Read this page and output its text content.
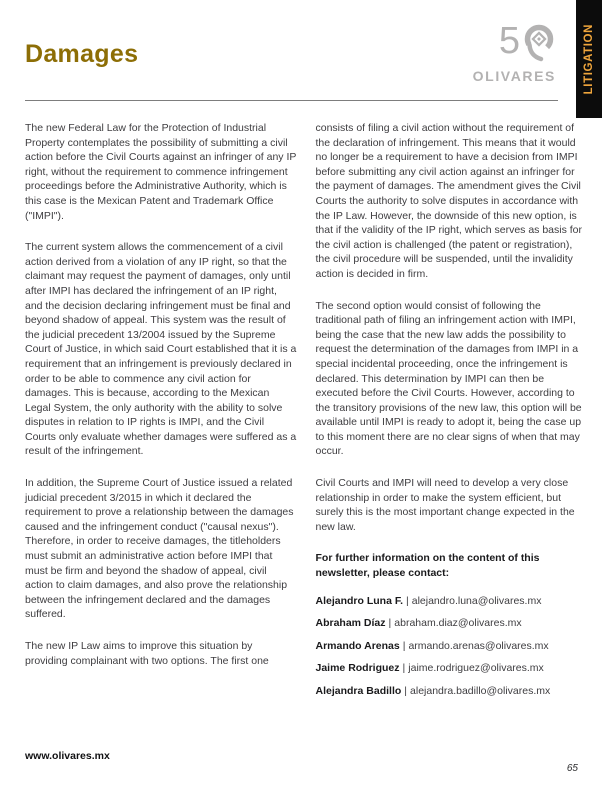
LITIGATION
Damages	5
OLIVARES

The new Federal Law for the Protection of Industrial Property contemplates the possibility of submitting a civil action before the Civil Courts against an infringer of any IP right, without the requirement to commence infringement proceedings before the Administrative Authority, which is this case is the Mexican Patent and Trademark Office ("IMPI").

The current system allows the commencement of a civil action derived from a violation of any IP right, so that the claimant may request the payment of damages, only until after IMPI has declared the infringement of an IP right, and the decision declaring infringement must be final and beyond shadow of appeal. This system was the result of the judicial precedent 13/2004 issued by the Supreme Court of Justice, in which said Court established that it is a requirement that an infringement is previously declared in order to be able to commence any civil action for damages. This is because, according to the Mexican Legal System, the only authority with the ability to solve disputes in relation to IP rights is IMPI, and the Civil Courts only evaluate whether damages were suffered as a result of the infringement.

In addition, the Supreme Court of Justice issued a related judicial precedent 3/2015 in which it declared the requirement to prove a relationship between the damages caused and the infringement conduct ("causal nexus"). Therefore, in order to receive damages, the titleholders must submit an administrative action before IMPI that must be firm and beyond the shadow of appeal, civil action to claim damages, and also prove the relationship between the infringement declared and the damages suffered.

The new IP Law aims to improve this situation by providing complainant with two options. The first one

consists of filing a civil action without the requirement of the declaration of infringement. This means that it would no longer be a requirement to have a decision from IMPI before submitting any civil action against an infringer for the payment of damages. The amendment gives the Civil Courts the authority to solve disputes in accordance with the IP Law. However, the downside of this new option, is that if the validity of the IP right, which serves as basis for the civil action is challenged (the patent or registration), the civil procedure will be suspended, until the invalidity action is decided in firm.

The second option would consist of following the traditional path of filing an infringement action with IMPI, being the case that the new law adds the possibility to request the determination of the damages from IMPI in a special incidental proceeding, once the infringement is declared. This determination by IMPI can then be executed before the Civil Courts. However, according to the transitory provisions of the new law, this option will be available until IMPI is ready to adopt it, being the case up to this moment there are no clear signs of when that may occur.

Civil Courts and IMPI will need to develop a very close relationship in order to make the system efficient, but surely this is the most important change expected in the new law.

For further information on the content of this newsletter, please contact:

Alejandro Luna F. | alejandro.luna@olivares.mx
Abraham Díaz | abraham.diaz@olivares.mx
Armando Arenas | armando.arenas@olivares.mx
Jaime Rodriguez | jaime.rodriguez@olivares.mx
Alejandra Badillo | alejandra.badillo@olivares.mx
www.olivares.mx
65
